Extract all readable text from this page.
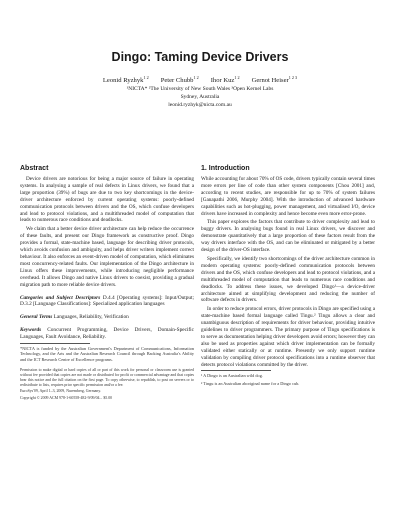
Dingo: Taming Device Drivers
Leonid Ryzhyk$^{1 2}$ Peter Chubb$^{1 2}$ Ihor Kuz$^{1 2}$ Gernot Heiser$^{1 2 3}$
¹NICTA* ²The University of New South Wales ³Open Kernel Labs
Sydney, Australia
leonid.ryzhyk@nicta.com.au
Abstract

Device drivers are notorious for being a major source of failure in operating systems. In analysing a sample of real defects in Linux drivers, we found that a large proportion (39%) of bugs are due to two key shortcomings in the device-driver architecture enforced by current operating systems: poorly-defined communication protocols between drivers and the OS, which confuse developers and lead to protocol violations, and a multithreaded model of computation that leads to numerous race conditions and deadlocks.

We claim that a better device driver architecture can help reduce the occurrence of these faults, and present our Dingo framework as constructive proof. Dingo provides a formal, state-machine based, language for describing driver protocols, which avoids confusion and ambiguity, and helps driver writers implement correct behaviour. It also enforces an event-driven model of computation, which eliminates most concurrency-related faults. Our implementation of the Dingo architecture in Linux offers these improvements, while introducing negligible performance overhead. It allows Dingo and native Linux drivers to coexist, providing a gradual migration path to more reliable device drivers.

Categories and Subject Descriptors D.4.4 [Operating systems]: Input/Output; D.3.2 [Language Classifications]: Specialized application languages
General Terms Languages, Reliability, Verification
Keywords Concurrent Programming, Device Drivers, Domain-Specific Languages, Fault Avoidance, Reliability.
*NICTA is funded by the Australian Government's Department of Communications, Information Technology, and the Arts and the Australian Research Council through Backing Australia's Ability and the ICT Research Centre of Excellence programs.
Permission to make digital or hard copies of all or part of this work for personal or classroom use is granted without fee provided that copies are not made or distributed for profit or commercial advantage and that copies bear this notice and the full citation on the first page. To copy otherwise, to republish, to post on servers or to redistribute to lists, requires prior specific permission and/or a fee.
EuroSys'09, April 1–3, 2009, Nuremberg, Germany.
Copyright © 2009 ACM 978-1-60558-482-9/09/04... $5.00
1. Introduction

While accounting for about 70% of OS code, drivers typically contain several times more errors per line of code than other system components [Chou 2001] and, according to recent studies, are responsible for up to 70% of system failures [Ganapathi 2006, Murphy 2004]. With the introduction of advanced hardware capabilities such as hot-plugging, power management, and virtualised I/O, device drivers have increased in complexity and hence become even more error-prone.

This paper explores the factors that contribute to driver complexity and lead to buggy drivers. In analysing bugs found in real Linux drivers, we discover and demonstrate quantitatively that a large proportion of these factors result from the way drivers interface with the OS, and can be eliminated or mitigated by a better design of the driver-OS interface.

Specifically, we identify two shortcomings of the driver architecture common in modern operating systems: poorly-defined communication protocols between drivers and the OS, which confuse developers and lead to protocol violations, and a multithreaded model of computation that leads to numerous race conditions and deadlocks. To address these issues, we developed Dingo¹—a device-driver architecture aimed at simplifying development and reducing the number of software defects in drivers.

In order to reduce protocol errors, driver protocols in Dingo are specified using a state-machine based formal language called Tingu.² Tingu allows a clear and unambiguous description of requirements for driver behaviour, providing intuitive guidelines to driver programmers. The primary purpose of Tingu specifications is to serve as documentation helping driver developers avoid errors; however they can also be used as properties against which driver implementation can be formally validated either statically or at runtime. Presently we only support runtime validation by compiling driver protocol specifications into a runtime observer that detects protocol violations committed by the driver.

¹ A Dingo is an Australian wild dog.
² Tingu is an Australian aboriginal name for a Dingo cub.
